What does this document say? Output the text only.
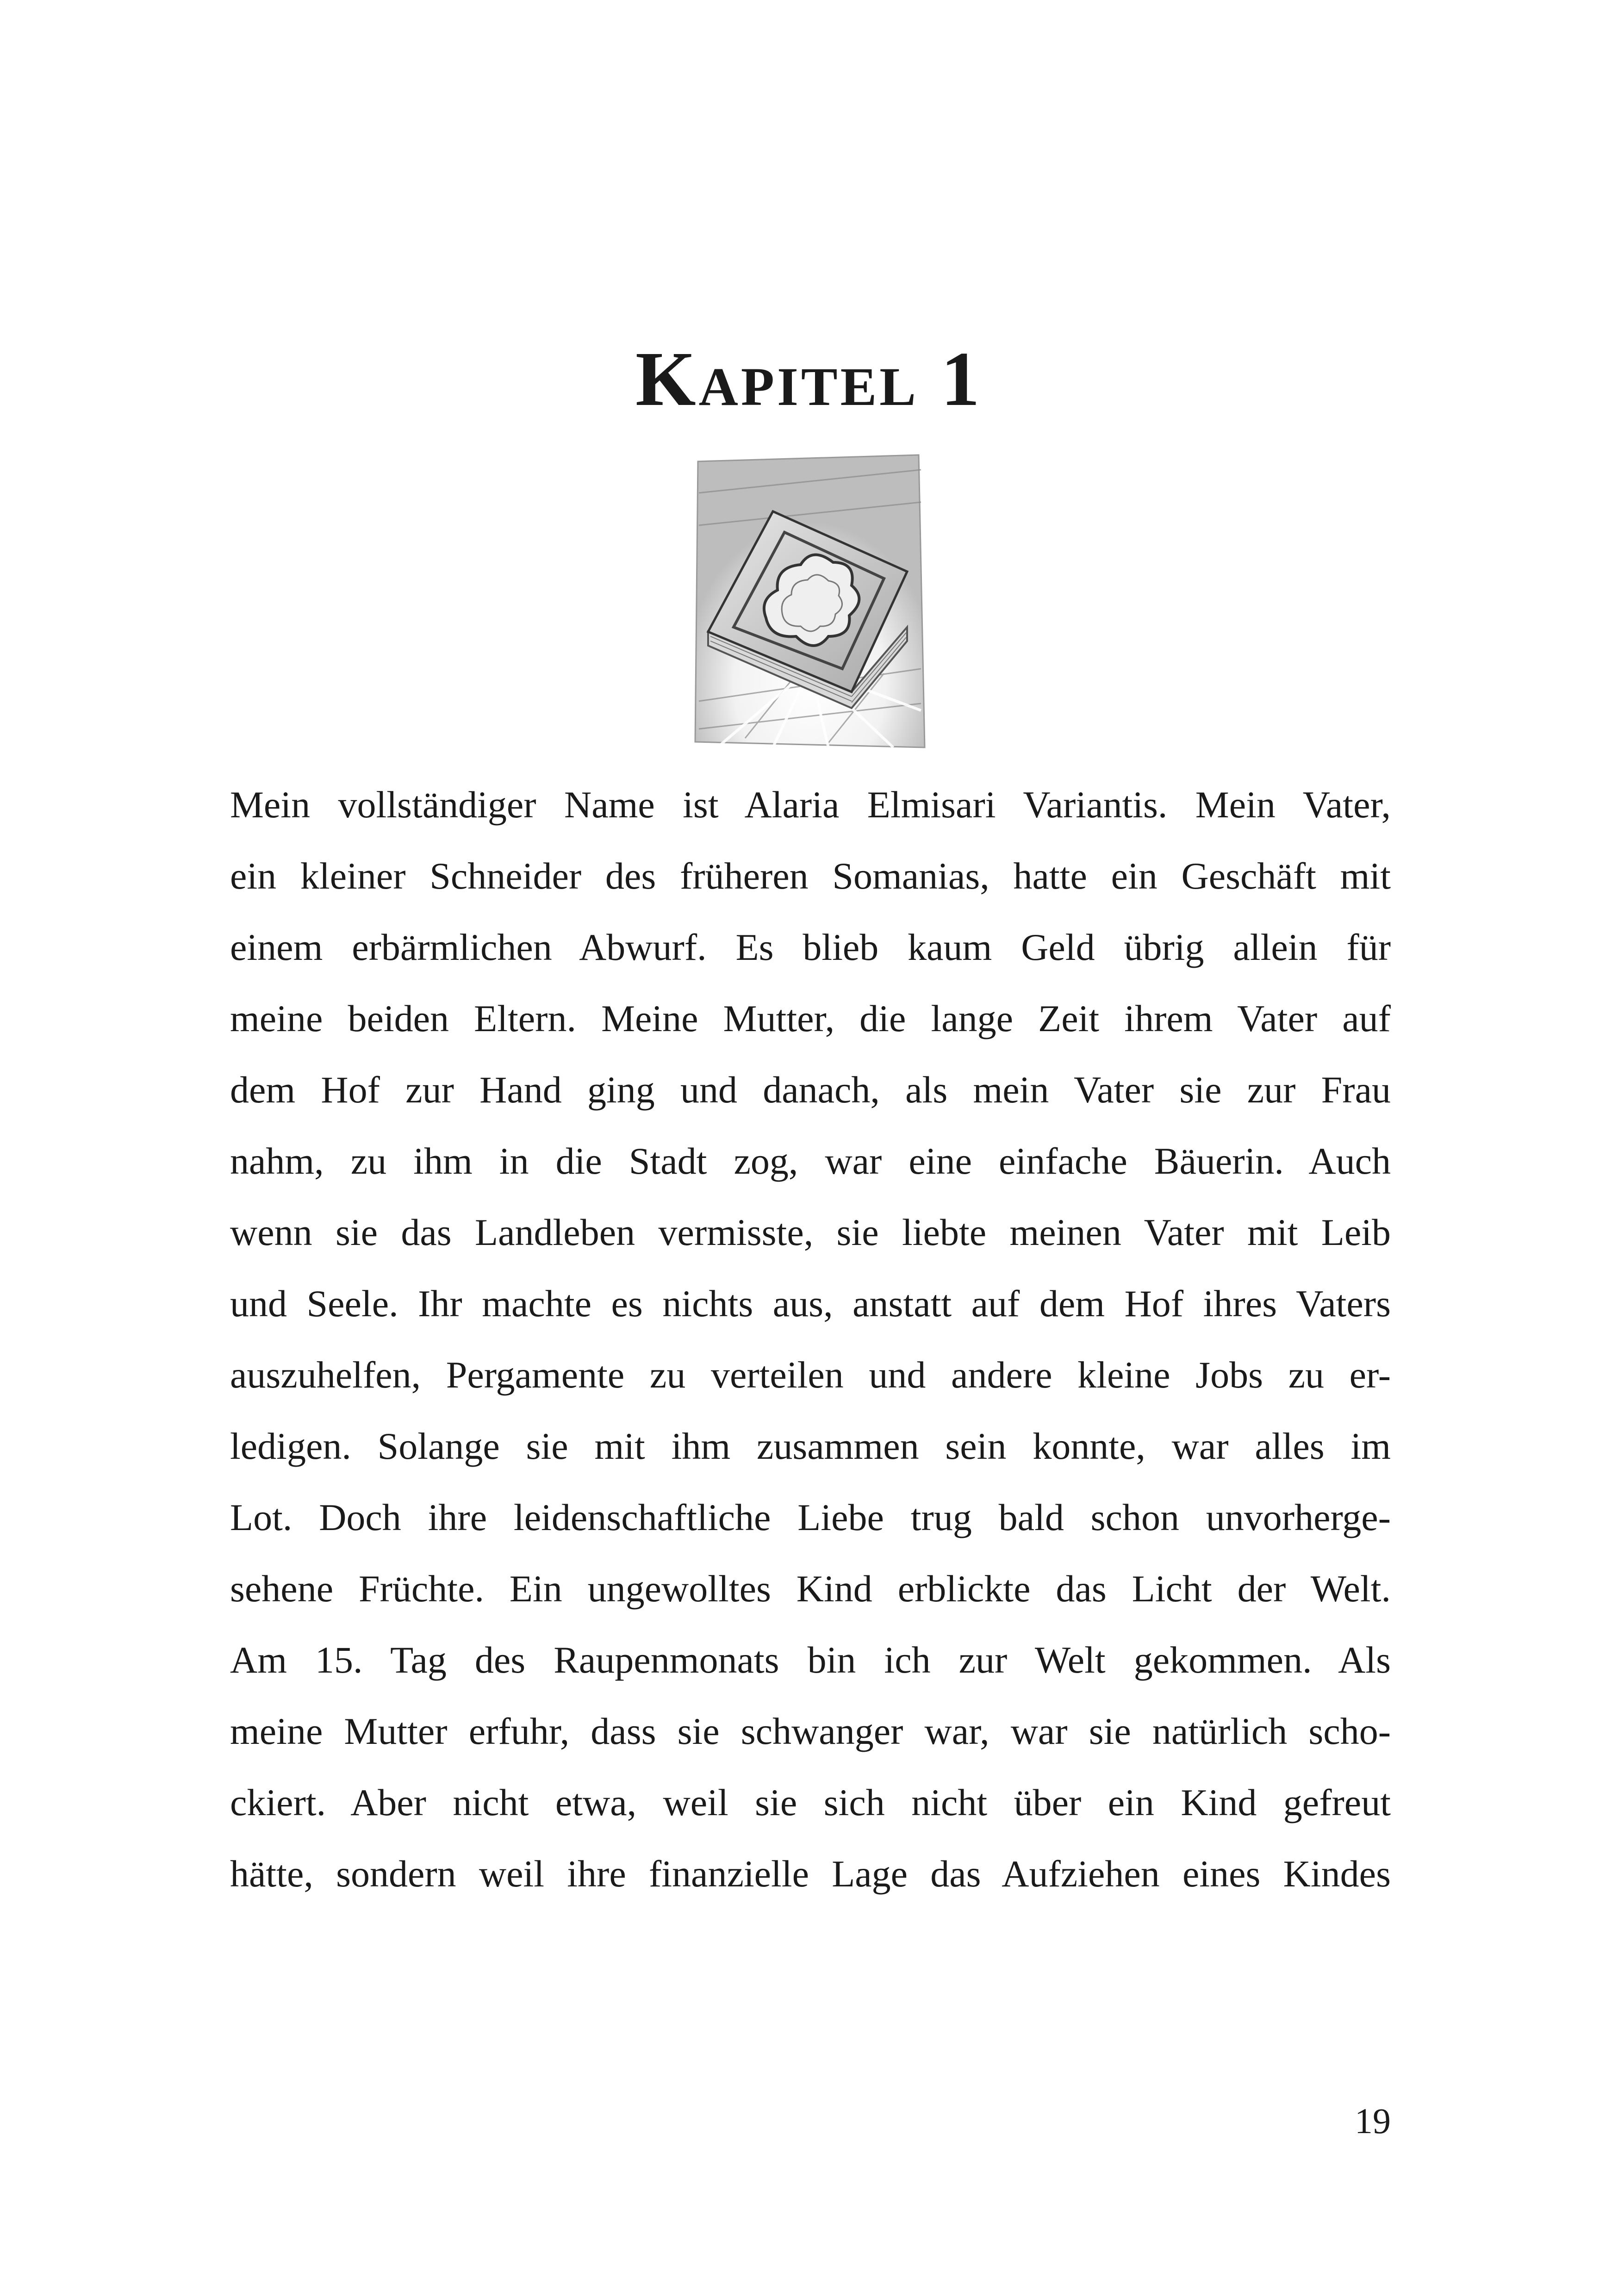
Kapitel 1
Mein vollständiger Name ist Alaria Elmisari Variantis. Mein Vater,
ein kleiner Schneider des früheren Somanias, hatte ein Geschäft mit
einem erbärmlichen Abwurf. Es blieb kaum Geld übrig allein für
meine beiden Eltern. Meine Mutter, die lange Zeit ihrem Vater auf
dem Hof zur Hand ging und danach, als mein Vater sie zur Frau
nahm, zu ihm in die Stadt zog, war eine einfache Bäuerin. Auch
wenn sie das Landleben vermisste, sie liebte meinen Vater mit Leib
und Seele. Ihr machte es nichts aus, anstatt auf dem Hof ihres Vaters
auszuhelfen, Pergamente zu verteilen und andere kleine Jobs zu er-
ledigen. Solange sie mit ihm zusammen sein konnte, war alles im
Lot. Doch ihre leidenschaftliche Liebe trug bald schon unvorherge-
sehene Früchte. Ein ungewolltes Kind erblickte das Licht der Welt.
Am 15. Tag des Raupenmonats bin ich zur Welt gekommen. Als
meine Mutter erfuhr, dass sie schwanger war, war sie natürlich scho-
ckiert. Aber nicht etwa, weil sie sich nicht über ein Kind gefreut
hätte, sondern weil ihre finanzielle Lage das Aufziehen eines Kindes

19
